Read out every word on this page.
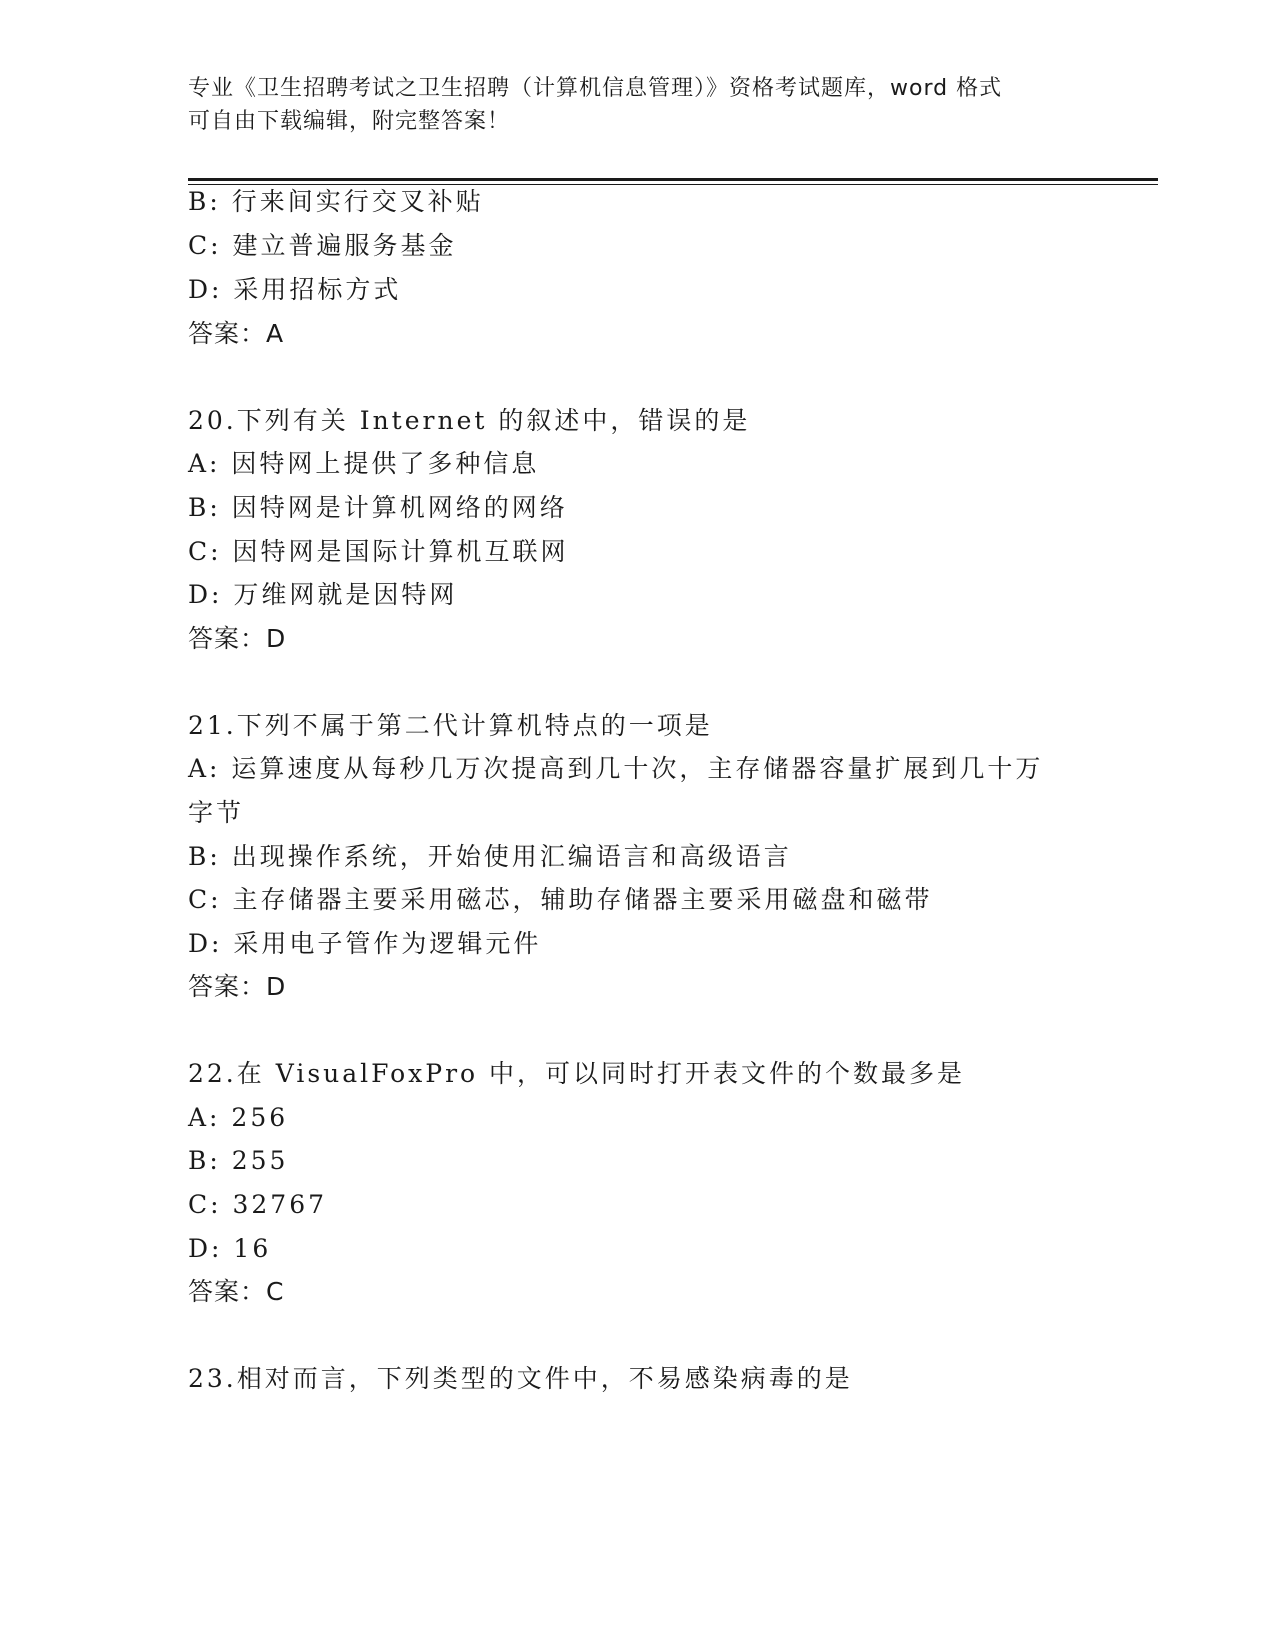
专业《卫生招聘考试之卫生招聘（计算机信息管理）》资格考试题库，word 格式
可自由下载编辑，附完整答案！
B: 行来间实行交叉补贴
C: 建立普遍服务基金
D: 采用招标方式
答案：A
20.下列有关 Internet 的叙述中，错误的是
A: 因特网上提供了多种信息
B: 因特网是计算机网络的网络
C: 因特网是国际计算机互联网
D: 万维网就是因特网
答案：D
21.下列不属于第二代计算机特点的一项是
A: 运算速度从每秒几万次提高到几十次，主存储器容量扩展到几十万
字节
B: 出现操作系统，开始使用汇编语言和高级语言
C: 主存储器主要采用磁芯，辅助存储器主要采用磁盘和磁带
D: 采用电子管作为逻辑元件
答案：D
22.在 VisualFoxPro 中，可以同时打开表文件的个数最多是
A: 256
B: 255
C: 32767
D: 16
答案：C
23.相对而言，下列类型的文件中，不易感染病毒的是
